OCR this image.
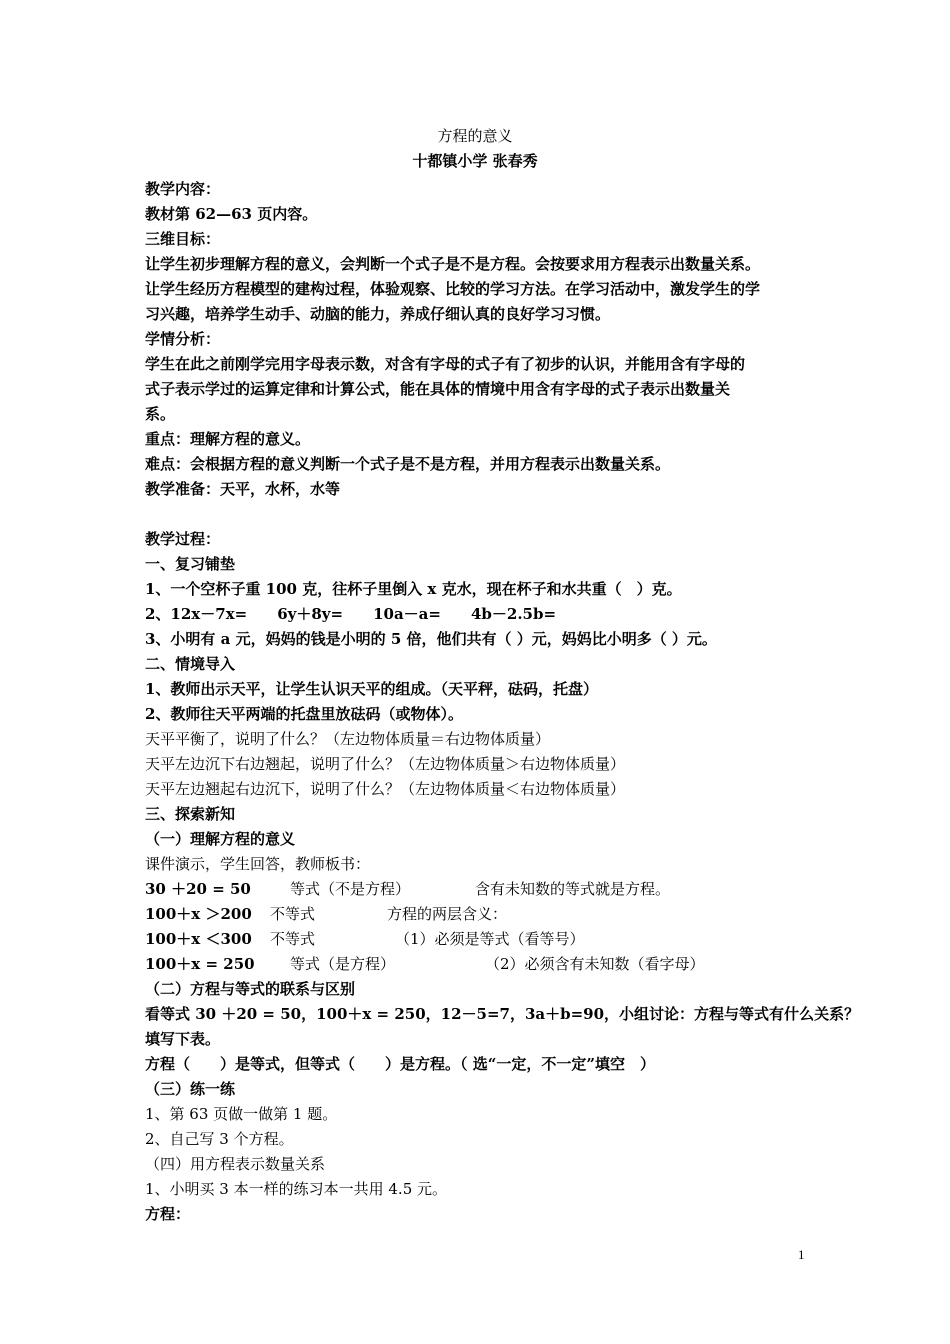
方程的意义
十都镇小学 张春秀
教学内容：
教材第 62—63 页内容。
三维目标：
让学生初步理解方程的意义，会判断一个式子是不是方程。会按要求用方程表示出数量关系。
让学生经历方程模型的建构过程，体验观察、比较的学习方法。在学习活动中，激发学生的学
习兴趣，培养学生动手、动脑的能力，养成仔细认真的良好学习习惯。
学情分析：
学生在此之前刚学完用字母表示数，对含有字母的式子有了初步的认识，并能用含有字母的
式子表示学过的运算定律和计算公式，能在具体的情境中用含有字母的式子表示出数量关
系。
重点：理解方程的意义。
难点：会根据方程的意义判断一个式子是不是方程，并用方程表示出数量关系。
教学准备：天平，水杯，水等
教学过程：
一、复习铺垫
1、一个空杯子重 100 克，往杯子里倒入 x 克水，现在杯子和水共重（　）克。
2、12x－7x=　　6y＋8y=　　10a－a=　　4b－2.5b=
3、小明有 a 元，妈妈的钱是小明的 5 倍，他们共有（ ）元，妈妈比小明多（ ）元。
二、情境导入
1、教师出示天平，让学生认识天平的组成。（天平秤，砝码，托盘）
2、教师往天平两端的托盘里放砝码（或物体）。
天平平衡了，说明了什么？（左边物体质量＝右边物体质量）
天平左边沉下右边翘起，说明了什么？（左边物体质量＞右边物体质量）
天平左边翘起右边沉下，说明了什么？（左边物体质量＜右边物体质量）
三、探索新知
（一）理解方程的意义
课件演示，学生回答，教师板书：
30 ＋20 = 50	等式（不是方程）	含有未知数的等式就是方程。
100＋x ＞200 不等式	方程的两层含义：
100＋x ＜300 不等式	（1）必须是等式（看等号）
100＋x = 250 等式（是方程）	（2）必须含有未知数（看字母）
（二）方程与等式的联系与区别
看等式 30 ＋20 = 50，100＋x = 250，12－5=7，3a＋b=90，小组讨论：方程与等式有什么关系？
填写下表。
方程（　　）是等式，但等式（　　）是方程。（ 选“一定，不一定”填空　）
（三）练一练
1、第 63 页做一做第 1 题。
2、自己写 3 个方程。
（四）用方程表示数量关系
1、小明买 3 本一样的练习本一共用 4.5 元。
方程：
1
